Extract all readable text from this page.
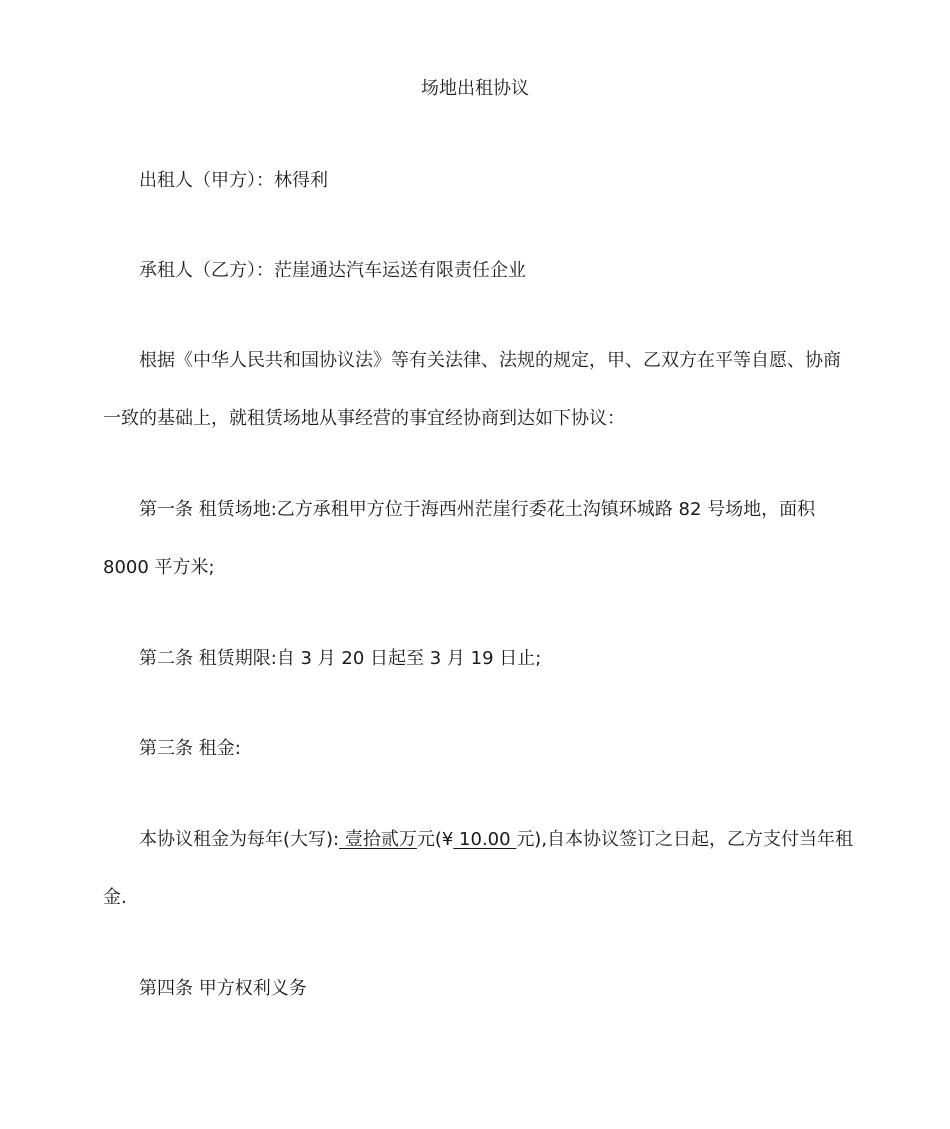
场地出租协议
出租人（甲方）：林得利
承租人（乙方）：茫崖通达汽车运送有限责任企业
根据《中华人民共和国协议法》等有关法律、法规的规定，甲、乙双方在平等自愿、协商
一致的基础上，就租赁场地从事经营的事宜经协商到达如下协议：
第一条 租赁场地:乙方承租甲方位于海西州茫崖行委花土沟镇环城路 82 号场地，面积
8000 平方米;
第二条 租赁期限:自 3 月 20 日起至 3 月 19 日止;
第三条 租金:
本协议租金为每年(大写): 壹拾贰万元(¥ 10.00 元),自本协议签订之日起，乙方支付当年租
金.
第四条 甲方权利义务
